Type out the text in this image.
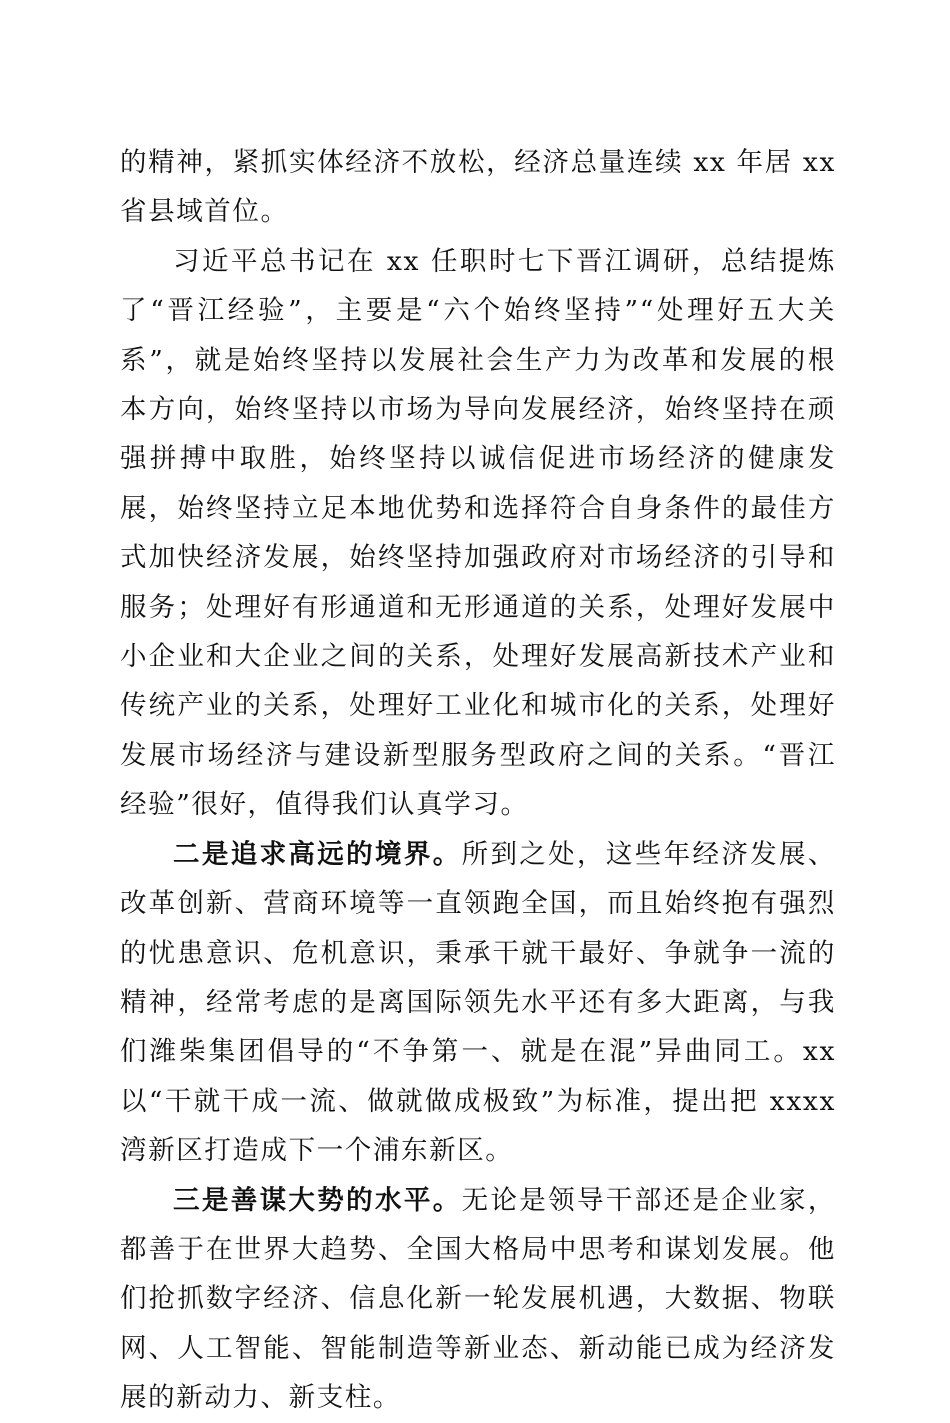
的精神，紧抓实体经济不放松，经济总量连续 xx 年居 xx 省县域首位。

习近平总书记在 xx 任职时七下晋江调研，总结提炼了“晋江经验”，主要是“六个始终坚持”“处理好五大关系”，就是始终坚持以发展社会生产力为改革和发展的根本方向，始终坚持以市场为导向发展经济，始终坚持在顽强拼搏中取胜，始终坚持以诚信促进市场经济的健康发展，始终坚持立足本地优势和选择符合自身条件的最佳方式加快经济发展，始终坚持加强政府对市场经济的引导和服务；处理好有形通道和无形通道的关系，处理好发展中小企业和大企业之间的关系，处理好发展高新技术产业和传统产业的关系，处理好工业化和城市化的关系，处理好发展市场经济与建设新型服务型政府之间的关系。“晋江经验”很好，值得我们认真学习。

二是追求高远的境界。所到之处，这些年经济发展、改革创新、营商环境等一直领跑全国，而且始终抱有强烈的忧患意识、危机意识，秉承干就干最好、争就争一流的精神，经常考虑的是离国际领先水平还有多大距离，与我们潍柴集团倡导的“不争第一、就是在混”异曲同工。xx 以“干就干成一流、做就做成极致”为标准，提出把 xxxx 湾新区打造成下一个浦东新区。

三是善谋大势的水平。无论是领导干部还是企业家，都善于在世界大趋势、全国大格局中思考和谋划发展。他们抢抓数字经济、信息化新一轮发展机遇，大数据、物联网、人工智能、智能制造等新业态、新动能已成为经济发展的新动力、新支柱。
